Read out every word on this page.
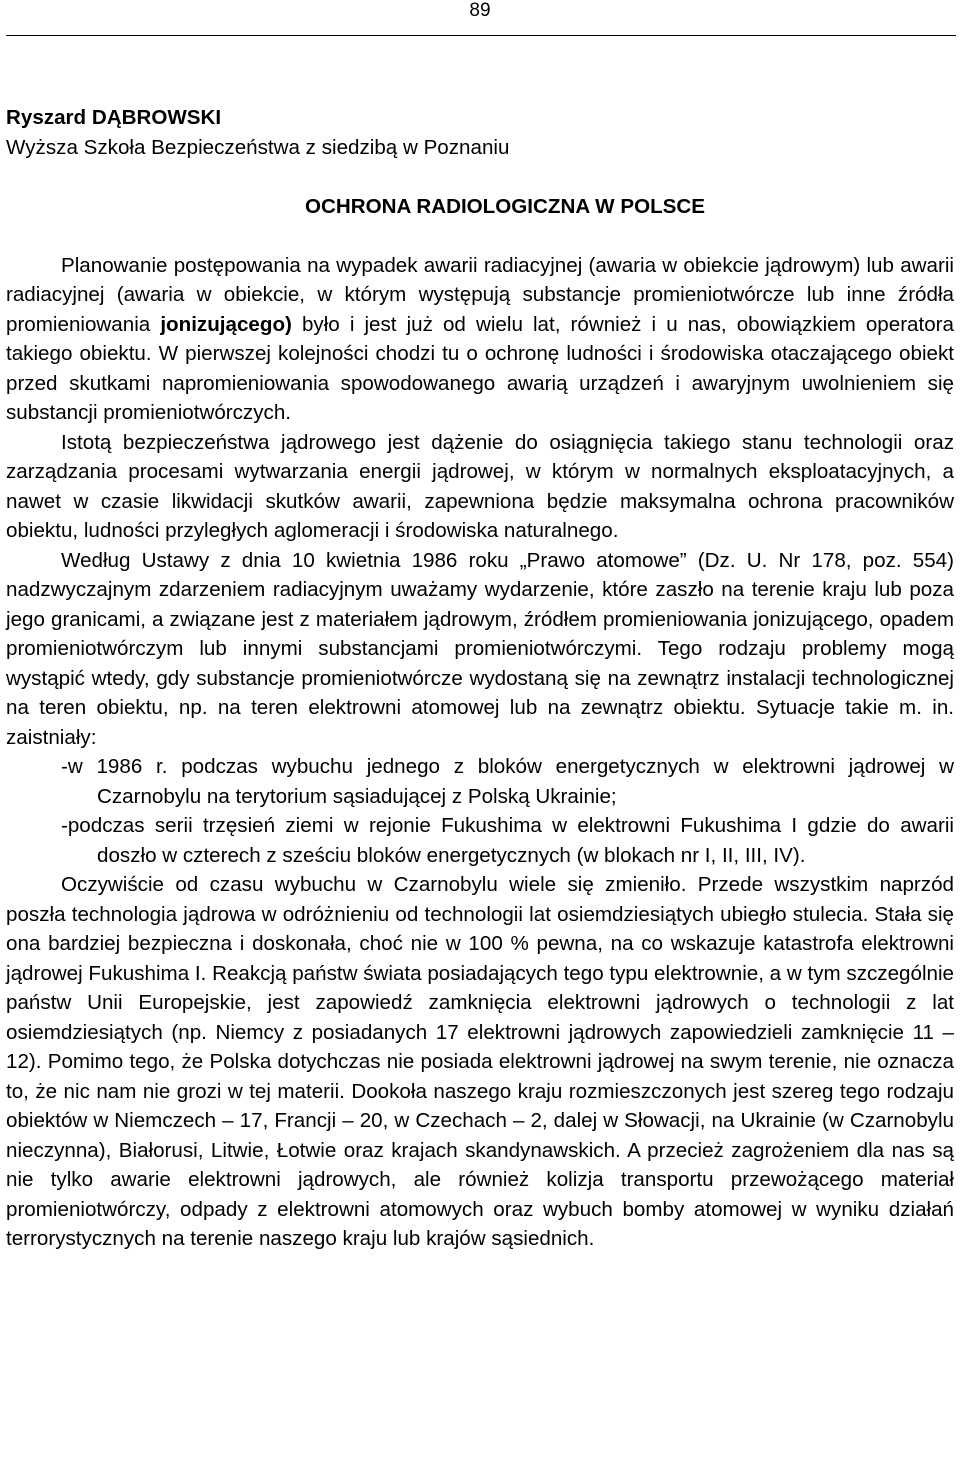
89
Ryszard DĄBROWSKI
Wyższa Szkoła Bezpieczeństwa z siedzibą w Poznaniu
OCHRONA RADIOLOGICZNA W POLSCE

Planowanie postępowania na wypadek awarii radiacyjnej (awaria w obiekcie jądrowym) lub awarii radiacyjnej (awaria w obiekcie, w którym występują substancje promieniotwórcze lub inne źródła promieniowania jonizującego) było i jest już od wielu lat, również i u nas, obowiązkiem operatora takiego obiektu. W pierwszej kolejności chodzi tu o ochronę ludności i środowiska otaczającego obiekt przed skutkami napromieniowania spowodowanego awarią urządzeń i awaryjnym uwolnieniem się substancji promieniotwórczych.

Istotą bezpieczeństwa jądrowego jest dążenie do osiągnięcia takiego stanu technologii oraz zarządzania procesami wytwarzania energii jądrowej, w którym w normalnych eksploatacyjnych, a nawet w czasie likwidacji skutków awarii, zapewniona będzie maksymalna ochrona pracowników obiektu, ludności przyległych aglomeracji i środowiska naturalnego.

Według Ustawy z dnia 10 kwietnia 1986 roku „Prawo atomowe” (Dz. U. Nr 178, poz. 554) nadzwyczajnym zdarzeniem radiacyjnym uważamy wydarzenie, które zaszło na terenie kraju lub poza jego granicami, a związane jest z materiałem jądrowym, źródłem promieniowania jonizującego, opadem promieniotwórczym lub innymi substancjami promieniotwórczymi. Tego rodzaju problemy mogą wystąpić wtedy, gdy substancje promieniotwórcze wydostaną się na zewnątrz instalacji technologicznej na teren obiektu, np. na teren elektrowni atomowej lub na zewnątrz obiektu. Sytuacje takie m. in. zaistniały:

-w 1986 r. podczas wybuchu jednego z bloków energetycznych w elektrowni jądrowej w Czarnobylu na terytorium sąsiadującej z Polską Ukrainie;

-podczas serii trzęsień ziemi w rejonie Fukushima w elektrowni Fukushima I gdzie do awarii doszło w czterech z sześciu bloków energetycznych (w blokach nr I, II, III, IV).

Oczywiście od czasu wybuchu w Czarnobylu wiele się zmieniło. Przede wszystkim naprzód poszła technologia jądrowa w odróżnieniu od technologii lat osiemdziesiątych ubiegło stulecia. Stała się ona bardziej bezpieczna i doskonała, choć nie w 100 % pewna, na co wskazuje katastrofa elektrowni jądrowej Fukushima I. Reakcją państw świata posiadających tego typu elektrownie, a w tym szczególnie państw Unii Europejskie, jest zapowiedź zamknięcia elektrowni jądrowych o technologii z lat osiemdziesiątych (np. Niemcy z posiadanych 17 elektrowni jądrowych zapowiedzieli zamknięcie 11 – 12). Pomimo tego, że Polska dotychczas nie posiada elektrowni jądrowej na swym terenie, nie oznacza to, że nic nam nie grozi w tej materii. Dookoła naszego kraju rozmieszczonych jest szereg tego rodzaju obiektów w Niemczech – 17, Francji – 20, w Czechach – 2, dalej w Słowacji, na Ukrainie (w Czarnobylu nieczynna), Białorusi, Litwie, Łotwie oraz krajach skandynawskich. A przecież zagrożeniem dla nas są nie tylko awarie elektrowni jądrowych, ale również kolizja transportu przewożącego materiał promieniotwórczy, odpady z elektrowni atomowych oraz wybuch bomby atomowej w wyniku działań terrorystycznych na terenie naszego kraju lub krajów sąsiednich.
